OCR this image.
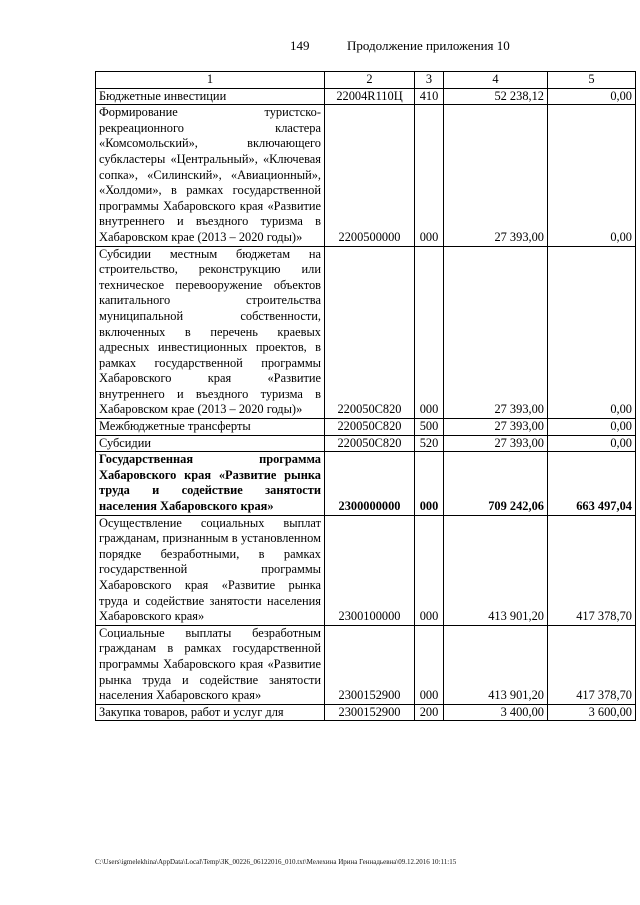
149	Продолжение приложения 10
1	2	3	4	5
Бюджетные инвестиции	22004R110Ц	410	52 238,12	0,00
Формирование туристско-рекреационного кластера «Комсомольский», включающего субкластеры «Центральный», «Ключевая сопка», «Силинский», «Авиационный», «Холдоми», в рамках государственной программы Хабаровского края «Развитие внутреннего и въездного туризма в Хабаровском крае (2013 – 2020 годы)»	2200500000	000	27 393,00	0,00
Субсидии местным бюджетам на строительство, реконструкцию или техническое перевооружение объектов капитального строительства муниципальной собственности, включенных в перечень краевых адресных инвестиционных проектов, в рамках государственной программы Хабаровского края «Развитие внутреннего и въездного туризма в Хабаровском крае (2013 – 2020 годы)»	220050С820	000	27 393,00	0,00
Межбюджетные трансферты	220050С820	500	27 393,00	0,00
Субсидии	220050С820	520	27 393,00	0,00
Государственная программа Хабаровского края «Развитие рынка труда и содействие занятости населения Хабаровского края»	2300000000	000	709 242,06	663 497,04
Осуществление социальных выплат гражданам, признанным в установленном порядке безработными, в рамках государственной программы Хабаровского края «Развитие рынка труда и содействие занятости населения Хабаровского края»	2300100000	000	413 901,20	417 378,70
Социальные выплаты безработным гражданам в рамках государственной программы Хабаровского края «Развитие рынка труда и содействие занятости населения Хабаровского края»	2300152900	000	413 901,20	417 378,70
Закупка товаров, работ и услуг для	2300152900	200	3 400,00	3 600,00
C:\Users\igmelekhina\AppData\Local\Temp\ЗК_00226_06122016_010.txt\Мелехина Ирина Геннадьевна\09.12.2016 10:11:15
